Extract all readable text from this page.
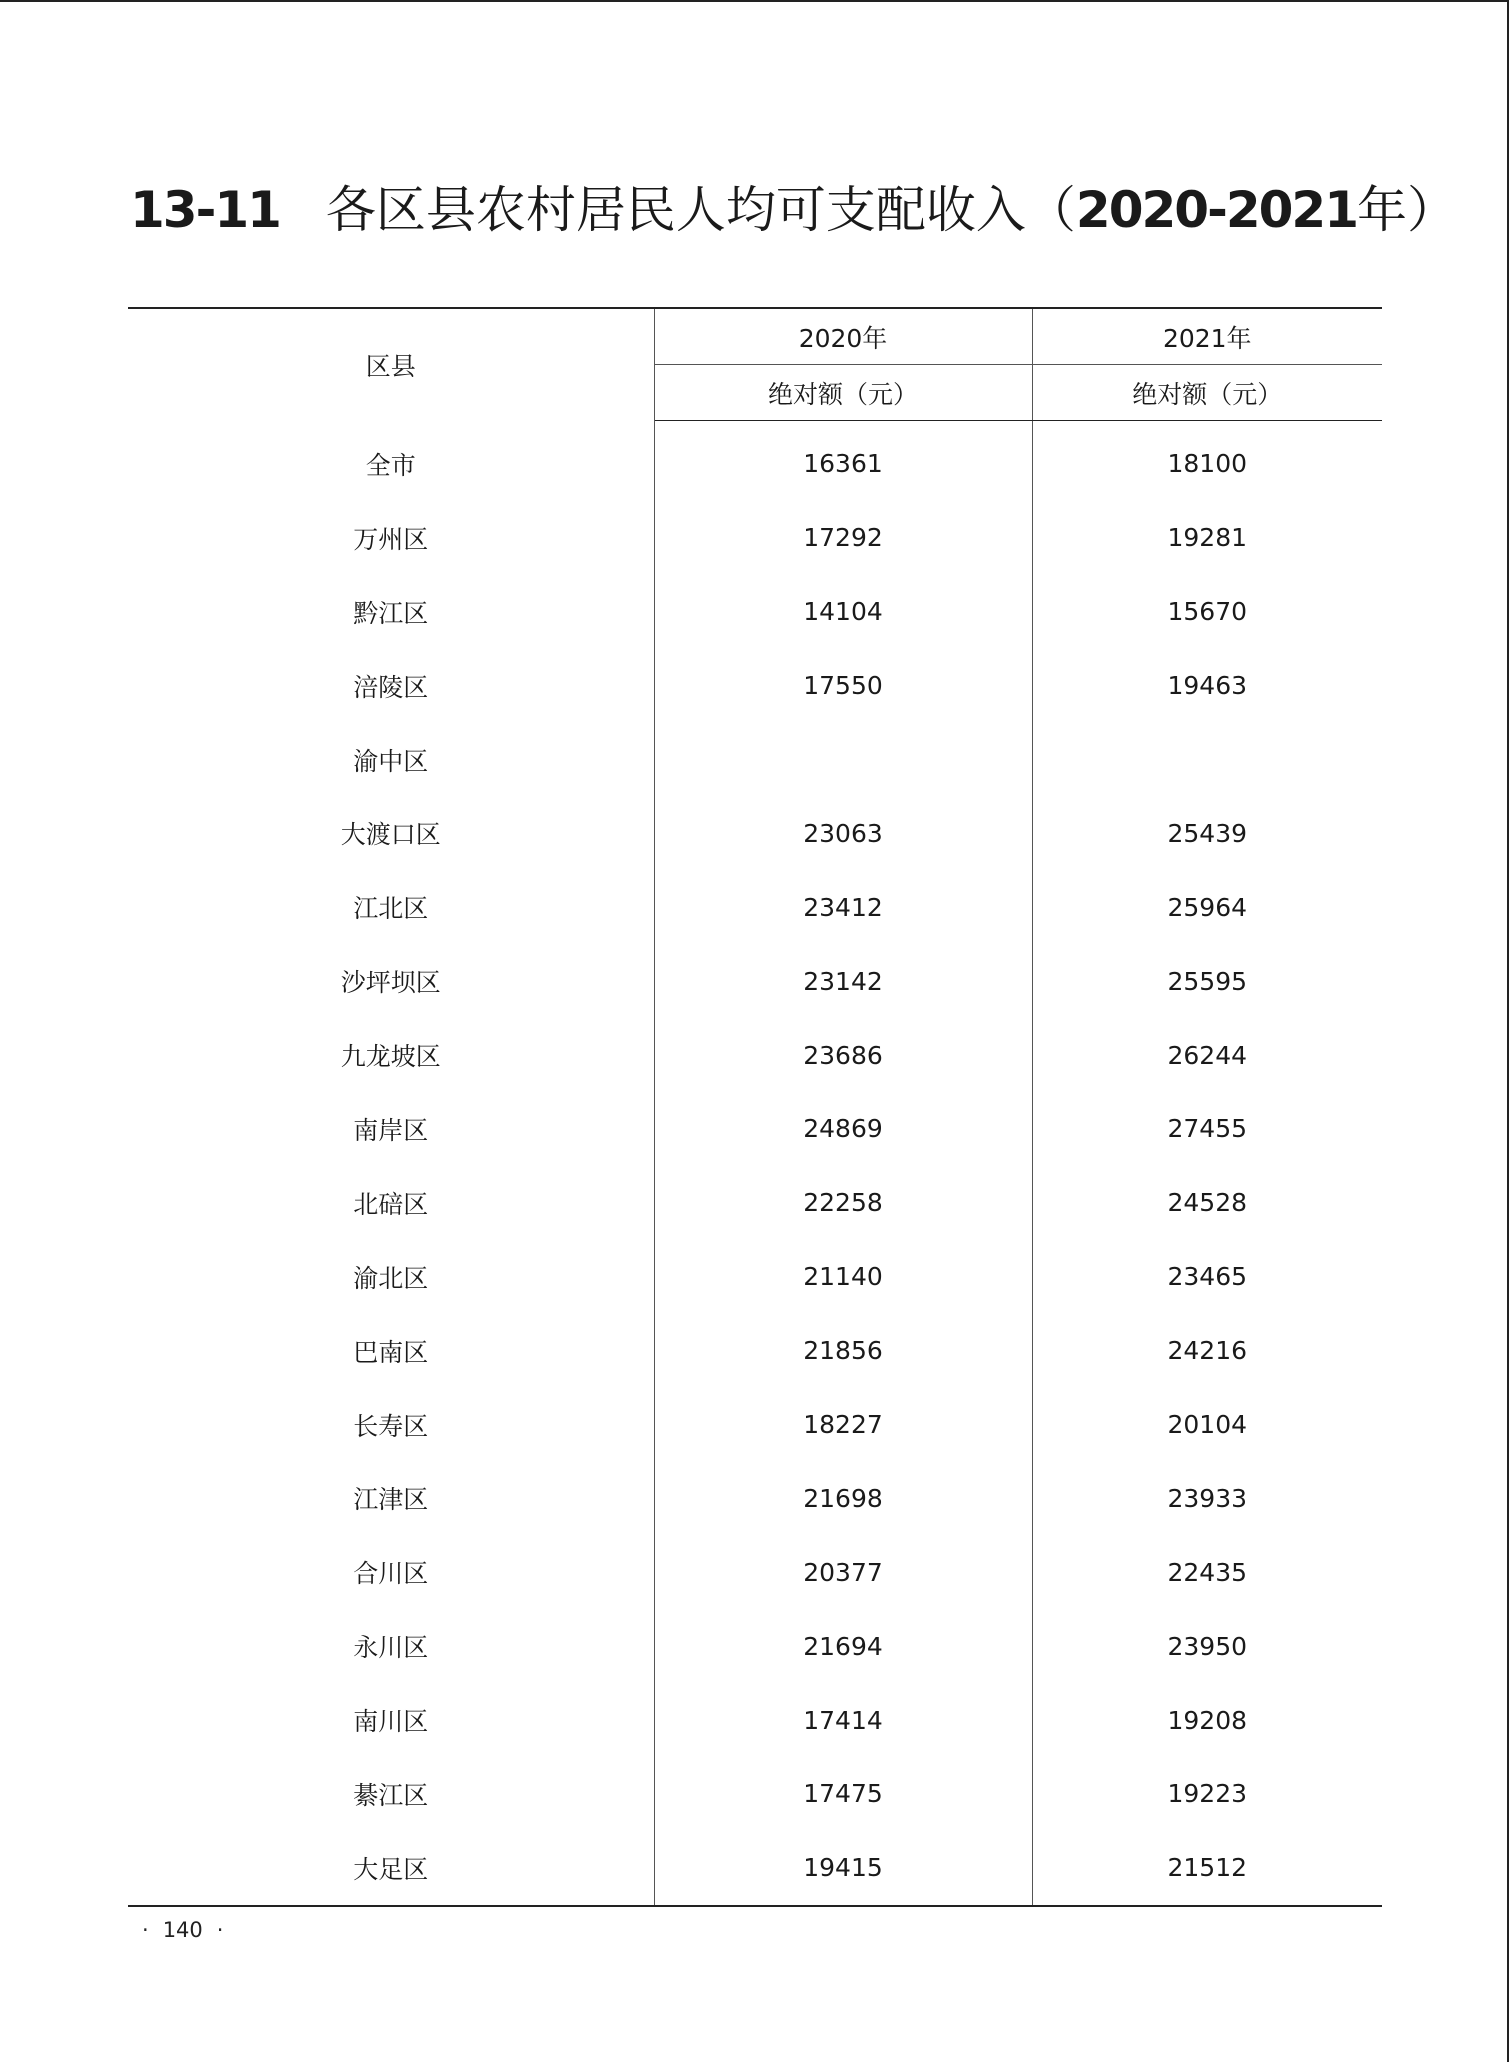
13-11 各区县农村居民人均可支配收入（2020-2021年）
区县	2020年	2021年
	绝对额（元）	绝对额（元）
全市	16361	18100
万州区	17292	19281
黔江区	14104	15670
涪陵区	17550	19463
渝中区		
大渡口区	23063	25439
江北区	23412	25964
沙坪坝区	23142	25595
九龙坡区	23686	26244
南岸区	24869	27455
北碚区	22258	24528
渝北区	21140	23465
巴南区	21856	24216
长寿区	18227	20104
江津区	21698	23933
合川区	20377	22435
永川区	21694	23950
南川区	17414	19208
綦江区	17475	19223
大足区	19415	21512
· 140 ·
